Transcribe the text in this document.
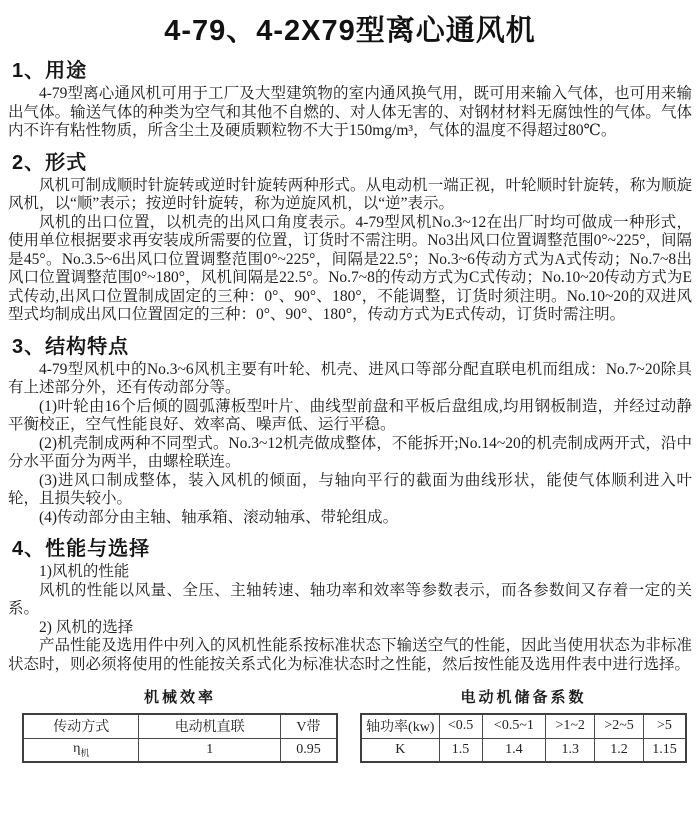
4-79、4-2X79型离心通风机
1、用途

4-79型离心通风机可用于工厂及大型建筑物的室内通风换气用，既可用来输入气体，也可用来输出气体。输送气体的种类为空气和其他不自燃的、对人体无害的、对钢材材料无腐蚀性的气体。气体内不许有粘性物质，所含尘土及硬质颗粒物不大于150mg/m³，气体的温度不得超过80℃。

2、形式

风机可制成顺时针旋转或逆时针旋转两种形式。从电动机一端正视，叶轮顺时针旋转，称为顺旋风机，以“顺”表示；按逆时针旋转，称为逆旋风机，以“逆”表示。

风机的出口位置，以机壳的出风口角度表示。4-79型风机No.3~12在出厂时均可做成一种形式，使用单位根据要求再安装成所需要的位置，订货时不需注明。No3出风口位置调整范围0°~225°，间隔是45°。No.3.5~6出风口位置调整范围0°~225°，间隔是22.5°；No.3~6传动方式为A式传动；No.7~8出风口位置调整范围0°~180°，风机间隔是22.5°。No.7~8的传动方式为C式传动；No.10~20传动方式为E式传动,出风口位置制成固定的三种：0°、90°、180°，不能调整，订货时须注明。No.10~20的双进风型式均制成出风口位置固定的三种：0°、90°、180°，传动方式为E式传动，订货时需注明。

3、结构特点

4-79型风机中的No.3~6风机主要有叶轮、机壳、进风口等部分配直联电机而组成：No.7~20除具有上述部分外，还有传动部分等。

(1)叶轮由16个后倾的圆弧薄板型叶片、曲线型前盘和平板后盘组成,均用钢板制造，并经过动静平衡校正，空气性能良好、效率高、噪声低、运行平稳。

(2)机壳制成两种不同型式。No.3~12机壳做成整体，不能拆开;No.14~20的机壳制成两开式，沿中分水平面分为两半，由螺栓联连。

(3)进风口制成整体，装入风机的倾面，与轴向平行的截面为曲线形状，能使气体顺利进入叶轮，且损失较小。

(4)传动部分由主轴、轴承箱、滚动轴承、带轮组成。

4、性能与选择

1)风机的性能

风机的性能以风量、全压、主轴转速、轴功率和效率等参数表示，而各参数间又存着一定的关系。

2) 风机的选择

产品性能及选用件中列入的风机性能系按标准状态下输送空气的性能，因此当使用状态为非标准状态时，则必须将使用的性能按关系式化为标准状态时之性能，然后按性能及选用件表中进行选择。

机械效率
传动方式	电动机直联	V带
$\eta_机$	1	0.95
电动机储备系数
轴功率(kw)	<0.5	<0.5~1	>1~2	>2~5	>5
K	1.5	1.4	1.3	1.2	1.15
